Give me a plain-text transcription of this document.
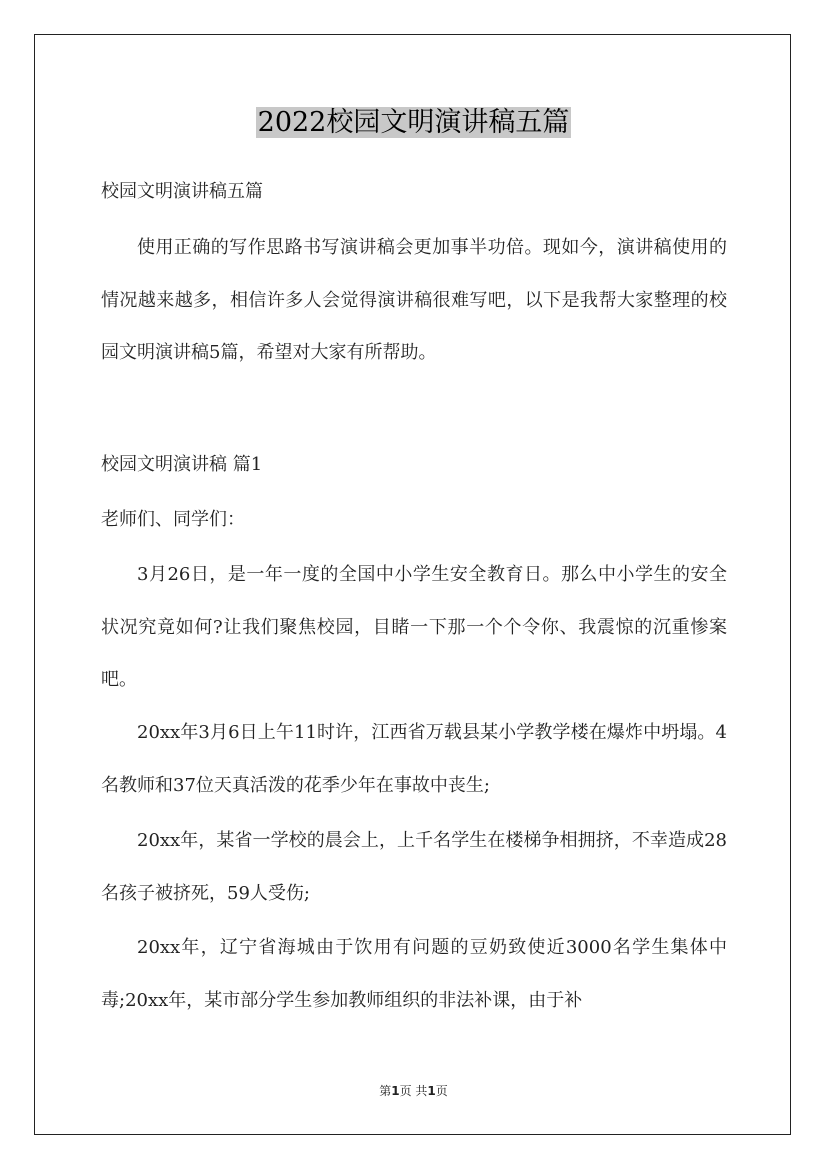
2022校园文明演讲稿五篇
校园文明演讲稿五篇
使用正确的写作思路书写演讲稿会更加事半功倍。现如今，演讲稿使用的情况越来越多，相信许多人会觉得演讲稿很难写吧，以下是我帮大家整理的校园文明演讲稿5篇，希望对大家有所帮助。
校园文明演讲稿 篇1
老师们、同学们：
3月26日，是一年一度的全国中小学生安全教育日。那么中小学生的安全状况究竟如何?让我们聚焦校园，目睹一下那一个个令你、我震惊的沉重惨案吧。
20xx年3月6日上午11时许，江西省万载县某小学教学楼在爆炸中坍塌。4名教师和37位天真活泼的花季少年在事故中丧生;
20xx年，某省一学校的晨会上，上千名学生在楼梯争相拥挤，不幸造成28名孩子被挤死，59人受伤;
20xx年，辽宁省海城由于饮用有问题的豆奶致使近3000名学生集体中毒;20xx年，某市部分学生参加教师组织的非法补课，由于补
第1页 共1页
